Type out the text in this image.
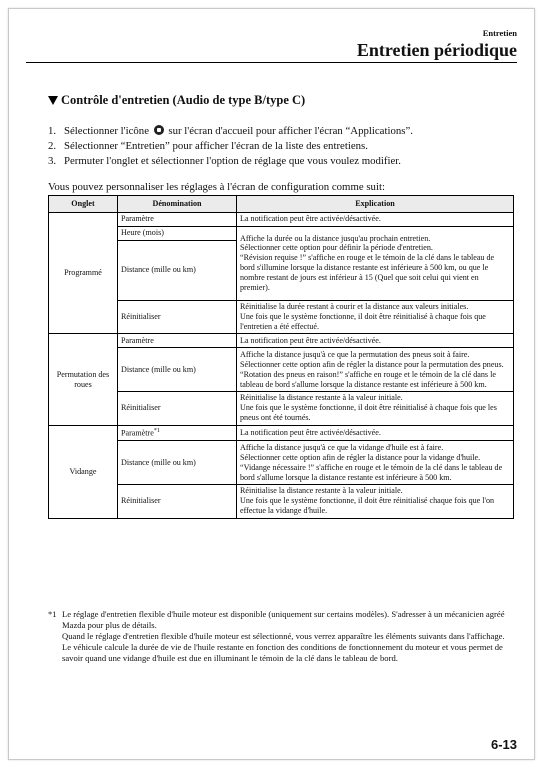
Entretien
Entretien périodique
Contrôle d'entretien (Audio de type B/type C)
1. Sélectionner l'icône  sur l'écran d'accueil pour afficher l'écran “Applications”.
2. Sélectionner “Entretien” pour afficher l'écran de la liste des entretiens.
3. Permuter l'onglet et sélectionner l'option de réglage que vous voulez modifier.
Vous pouvez personnaliser les réglages à l'écran de configuration comme suit:
Onglet	Dénomination	Explication
Programmé	Paramètre	La notification peut être activée/désactivée.

	Heure (mois)	Affiche la durée ou la distance jusqu'au prochain entretien.
Sélectionner cette option pour définir la période d'entretien.
“Révision requise !” s'affiche en rouge et le témoin de la clé dans le tableau de bord s'illumine lorsque la distance restante est inférieure à 500 km, ou que le nombre restant de jours est inférieur à 15 (Quel que soit celui qui vient en premier).

	Distance (mille ou km)	
	Réinitialiser	Réinitialise la durée restant à courir et la distance aux valeurs initiales.
Une fois que le système fonctionne, il doit être réinitialisé à chaque fois que l'entretien a été effectué.

Permutation des roues	Paramètre	La notification peut être activée/désactivée.

	Distance (mille ou km)	Affiche la distance jusqu'à ce que la permutation des pneus soit à faire.
Sélectionner cette option afin de régler la distance pour la permutation des pneus.
“Rotation des pneus en raison!” s'affiche en rouge et le témoin de la clé dans le tableau de bord s'allume lorsque la distance restante est inférieure à 500 km.

	Réinitialiser	Réinitialise la distance restante à la valeur initiale.
Une fois que le système fonctionne, il doit être réinitialisé à chaque fois que les pneus ont été tournés.

Vidange	Paramètre$^{*1}$	La notification peut être activée/désactivée.

	Distance (mille ou km)	Affiche la distance jusqu'à ce que la vidange d'huile est à faire.
Sélectionner cette option afin de régler la distance pour la vidange d'huile.
“Vidange nécessaire !” s'affiche en rouge et le témoin de la clé dans le tableau de bord s'allume lorsque la distance restante est inférieure à 500 km.

	Réinitialiser	Réinitialise la distance restante à la valeur initiale.
Une fois que le système fonctionne, il doit être réinitialisé chaque fois que l'on effectue la vidange d'huile.
*1 Le réglage d'entretien flexible d'huile moteur est disponible (uniquement sur certains modèles). S'adresser à un mécanicien agréé Mazda pour plus de détails.

Quand le réglage d'entretien flexible d'huile moteur est sélectionné, vous verrez apparaître les éléments suivants dans l'affichage. Le véhicule calcule la durée de vie de l'huile restante en fonction des conditions de fonctionnement du moteur et vous permet de savoir quand une vidange d'huile est due en illuminant le témoin de la clé dans le tableau de bord.

6-13
